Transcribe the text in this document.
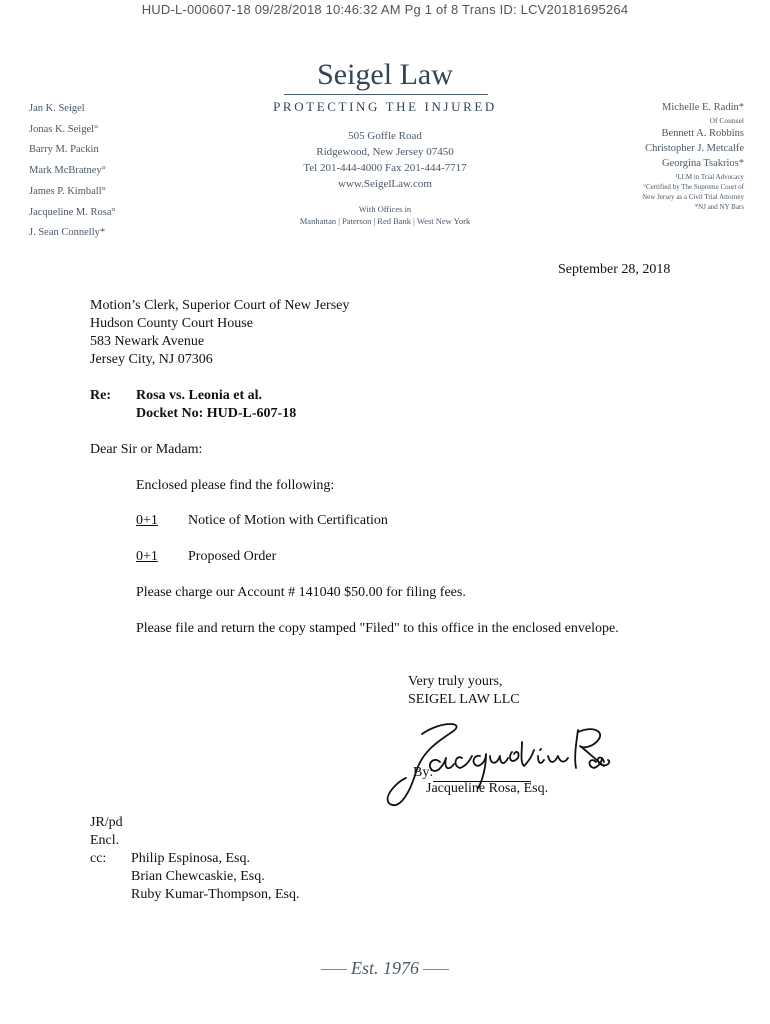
HUD-L-000607-18 09/28/2018 10:46:32 AM Pg 1 of 8 Trans ID: LCV20181695264
Seigel Law
PROTECTING THE INJURED
505 Goffle Road
Ridgewood, New Jersey 07450
Tel 201-444-4000 Fax 201-444-7717
www.SeigelLaw.com
With Offices in
Manhattan | Paterson | Red Bank | West New York
Jan K. Seigel
Jonas K. Seigel°
Barry M. Packin
Mark McBratney°
James P. Kimball°
Jacqueline M. Rosa°
J. Sean Connelly*
Michelle E. Radin*
Of Counsel
Bennett A. Robbins
Christopher J. Metcalfe
Georgina Tsakrios*
¹LLM in Trial Advocacy
°Certified by The Supreme Court of
New Jersey as a Civil Trial Attorney
*NJ and NY Bars
September 28, 2018
Motion’s Clerk, Superior Court of New Jersey
Hudson County Court House
583 Newark Avenue
Jersey City, NJ 07306
Re: Rosa vs. Leonia et al.
Docket No: HUD-L-607-18
Dear Sir or Madam:
Enclosed please find the following:
0+1 Notice of Motion with Certification
0+1 Proposed Order
Please charge our Account # 141040 $50.00 for filing fees.
Please file and return the copy stamped "Filed" to this office in the enclosed envelope.
Very truly yours,
SEIGEL LAW LLC
By:
Jacqueline Rosa, Esq.
JR/pd
Encl.
cc: Philip Espinosa, Esq.
Brian Chewcaskie, Esq.
Ruby Kumar-Thompson, Esq.
Est. 1976
